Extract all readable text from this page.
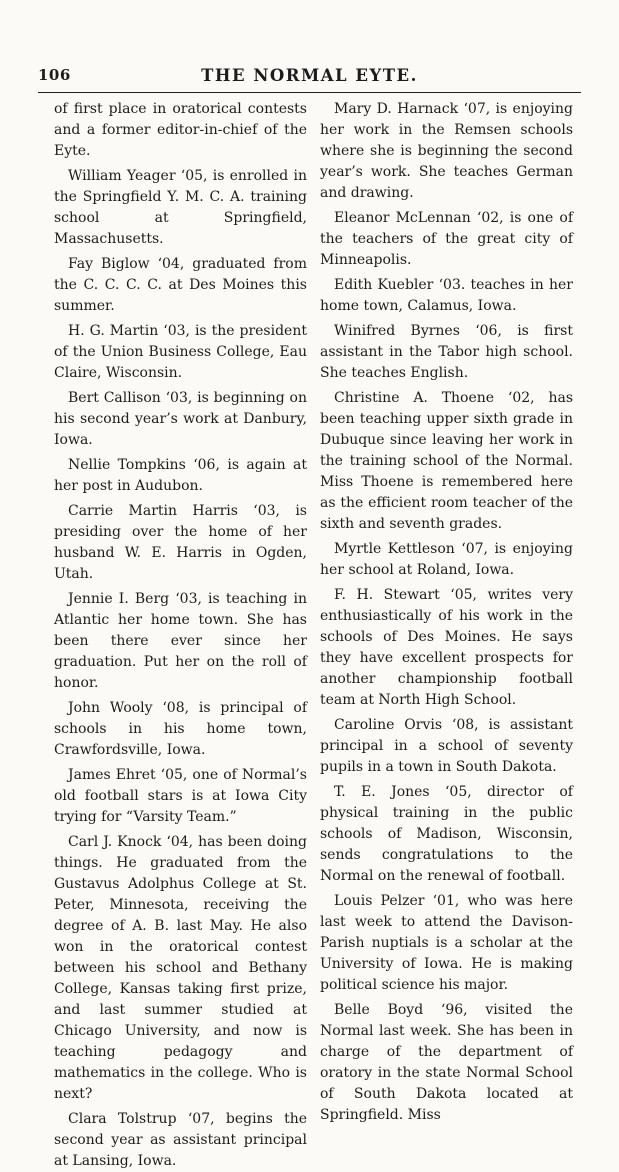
106	THE NORMAL EYTE.

of first place in oratorical contests and a former editor-in-chief of the Eyte.

William Yeager ‘05, is enrolled in the Springfield Y. M. C. A. training school at Springfield, Massachusetts.

Fay Biglow ‘04, graduated from the C. C. C. C. at Des Moines this summer.

H. G. Martin ‘03, is the president of the Union Business College, Eau Claire, Wisconsin.

Bert Callison ‘03, is beginning on his second year’s work at Danbury, Iowa.

Nellie Tompkins ‘06, is again at her post in Audubon.

Carrie Martin Harris ‘03, is presiding over the home of her husband W. E. Harris in Ogden, Utah.

Jennie I. Berg ‘03, is teaching in Atlantic her home town. She has been there ever since her graduation. Put her on the roll of honor.

John Wooly ‘08, is principal of schools in his home town, Crawfordsville, Iowa.

James Ehret ‘05, one of Normal’s old football stars is at Iowa City trying for “Varsity Team.”

Carl J. Knock ‘04, has been doing things. He graduated from the Gustavus Adolphus College at St. Peter, Minnesota, receiving the degree of A. B. last May. He also won in the oratorical contest between his school and Bethany College, Kansas taking first prize, and last summer studied at Chicago University, and now is teaching pedagogy and mathematics in the college. Who is next?

Clara Tolstrup ‘07, begins the second year as assistant principal at Lansing, Iowa.

Mary D. Harnack ‘07, is enjoying her work in the Remsen schools where she is beginning the second year’s work. She teaches German and drawing.

Eleanor McLennan ‘02, is one of the teachers of the great city of Minneapolis.

Edith Kuebler ‘03. teaches in her home town, Calamus, Iowa.

Winifred Byrnes ‘06, is first assistant in the Tabor high school. She teaches English.

Christine A. Thoene ‘02, has been teaching upper sixth grade in Dubuque since leaving her work in the training school of the Normal. Miss Thoene is remembered here as the efficient room teacher of the sixth and seventh grades.

Myrtle Kettleson ‘07, is enjoying her school at Roland, Iowa.

F. H. Stewart ‘05, writes very enthusiastically of his work in the schools of Des Moines. He says they have excellent prospects for another championship football team at North High School.

Caroline Orvis ‘08, is assistant principal in a school of seventy pupils in a town in South Dakota.

T. E. Jones ‘05, director of physical training in the public schools of Madison, Wisconsin, sends congratulations to the Normal on the renewal of football.

Louis Pelzer ‘01, who was here last week to attend the Davison-Parish nuptials is a scholar at the University of Iowa. He is making political science his major.

Belle Boyd ‘96, visited the Normal last week. She has been in charge of the department of oratory in the state Normal School of South Dakota located at Springfield. Miss
